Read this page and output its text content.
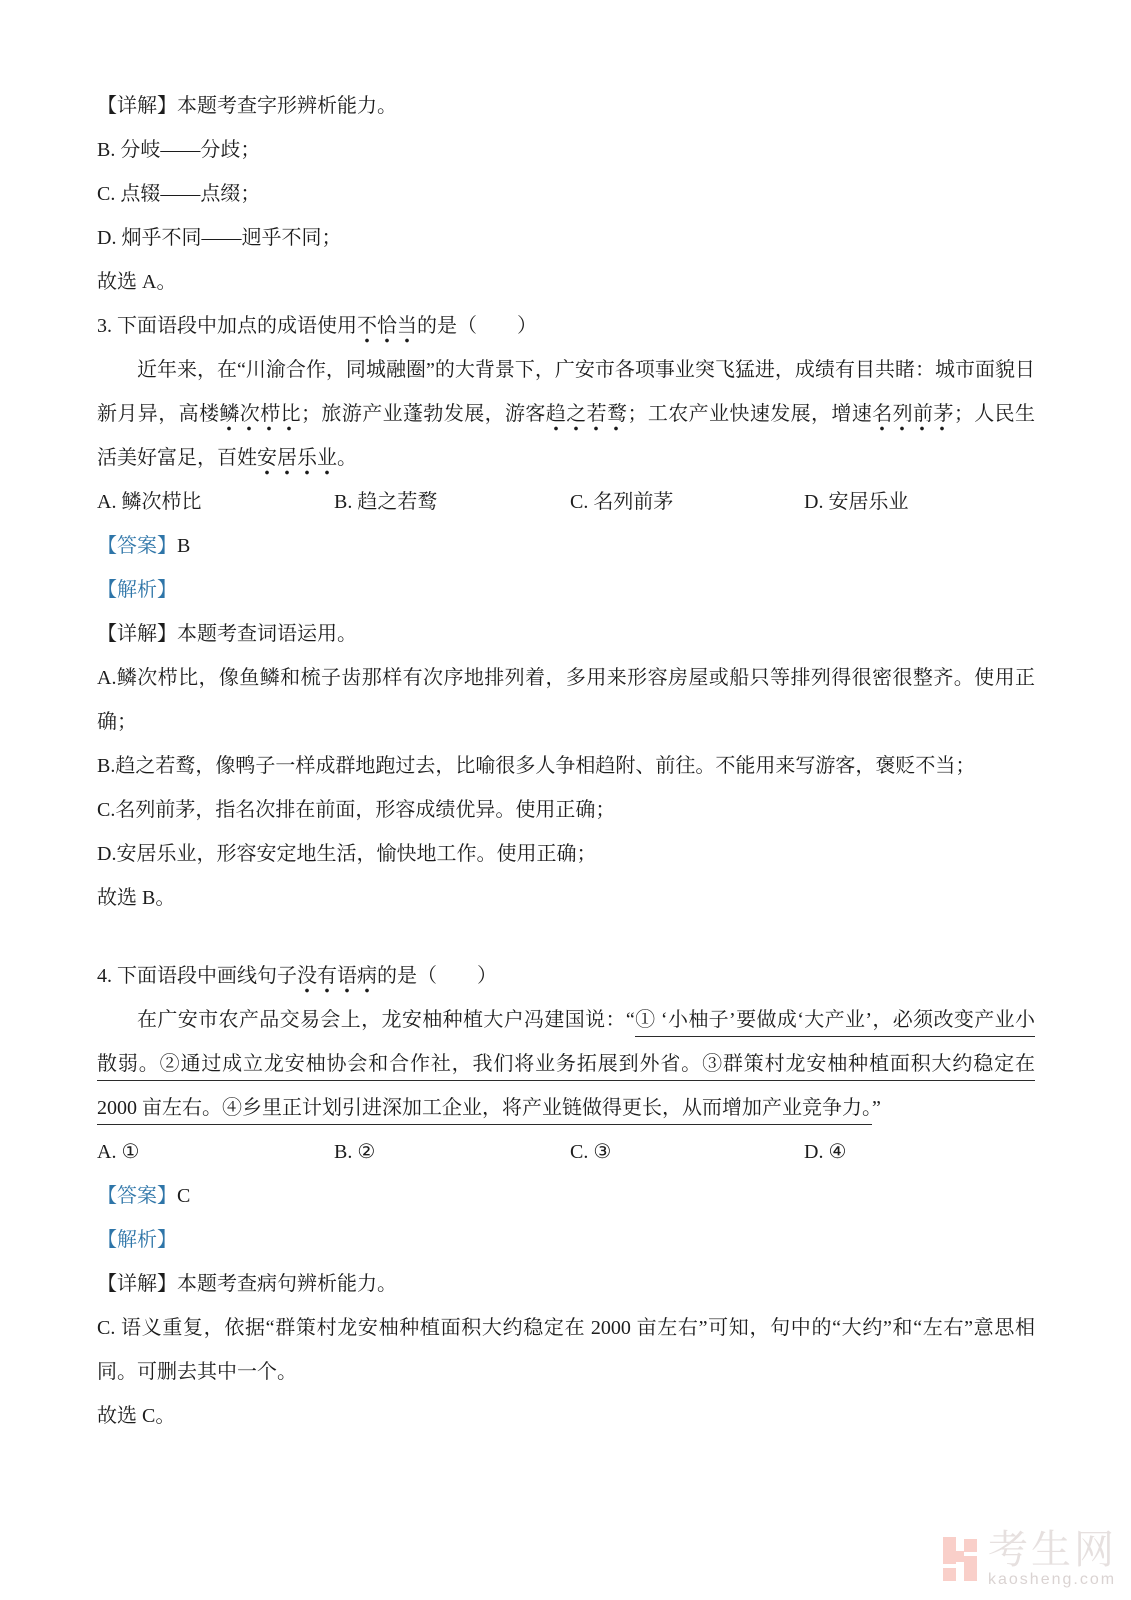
【详解】本题考查字形辨析能力。

B. 分岐——分歧；

C. 点辍——点缀；

D. 炯乎不同——迥乎不同；

故选 A。

3. 下面语段中加点的成语使用不恰当的是（　　）

近年来，在“川渝合作，同城融圈”的大背景下，广安市各项事业突飞猛进，成绩有目共睹：城市面貌日新月异，高楼鳞次栉比；旅游产业蓬勃发展，游客趋之若鹜；工农产业快速发展，增速名列前茅；人民生活美好富足，百姓安居乐业。

A. 鳞次栉比	B. 趋之若鹜	C. 名列前茅	D. 安居乐业

【答案】B

【解析】

【详解】本题考查词语运用。

A.鳞次栉比，像鱼鳞和梳子齿那样有次序地排列着，多用来形容房屋或船只等排列得很密很整齐。使用正确；

B.趋之若鹜，像鸭子一样成群地跑过去，比喻很多人争相趋附、前往。不能用来写游客，褒贬不当；

C.名列前茅，指名次排在前面，形容成绩优异。使用正确；

D.安居乐业，形容安定地生活，愉快地工作。使用正确；

故选 B。

4. 下面语段中画线句子没有语病的是（　　）

在广安市农产品交易会上，龙安柚种植大户冯建国说：“① ‘小柚子’要做成‘大产业’，必须改变产业小散弱。②通过成立龙安柚协会和合作社，我们将业务拓展到外省。③群策村龙安柚种植面积大约稳定在 2000 亩左右。④乡里正计划引进深加工企业，将产业链做得更长，从而增加产业竞争力。”

A. ①	B. ②	C. ③	D. ④

【答案】C

【解析】

【详解】本题考查病句辨析能力。

C. 语义重复，依据“群策村龙安柚种植面积大约稳定在 2000 亩左右”可知，句中的“大约”和“左右”意思相同。可删去其中一个。

故选 C。

考生网
kaosheng.com
